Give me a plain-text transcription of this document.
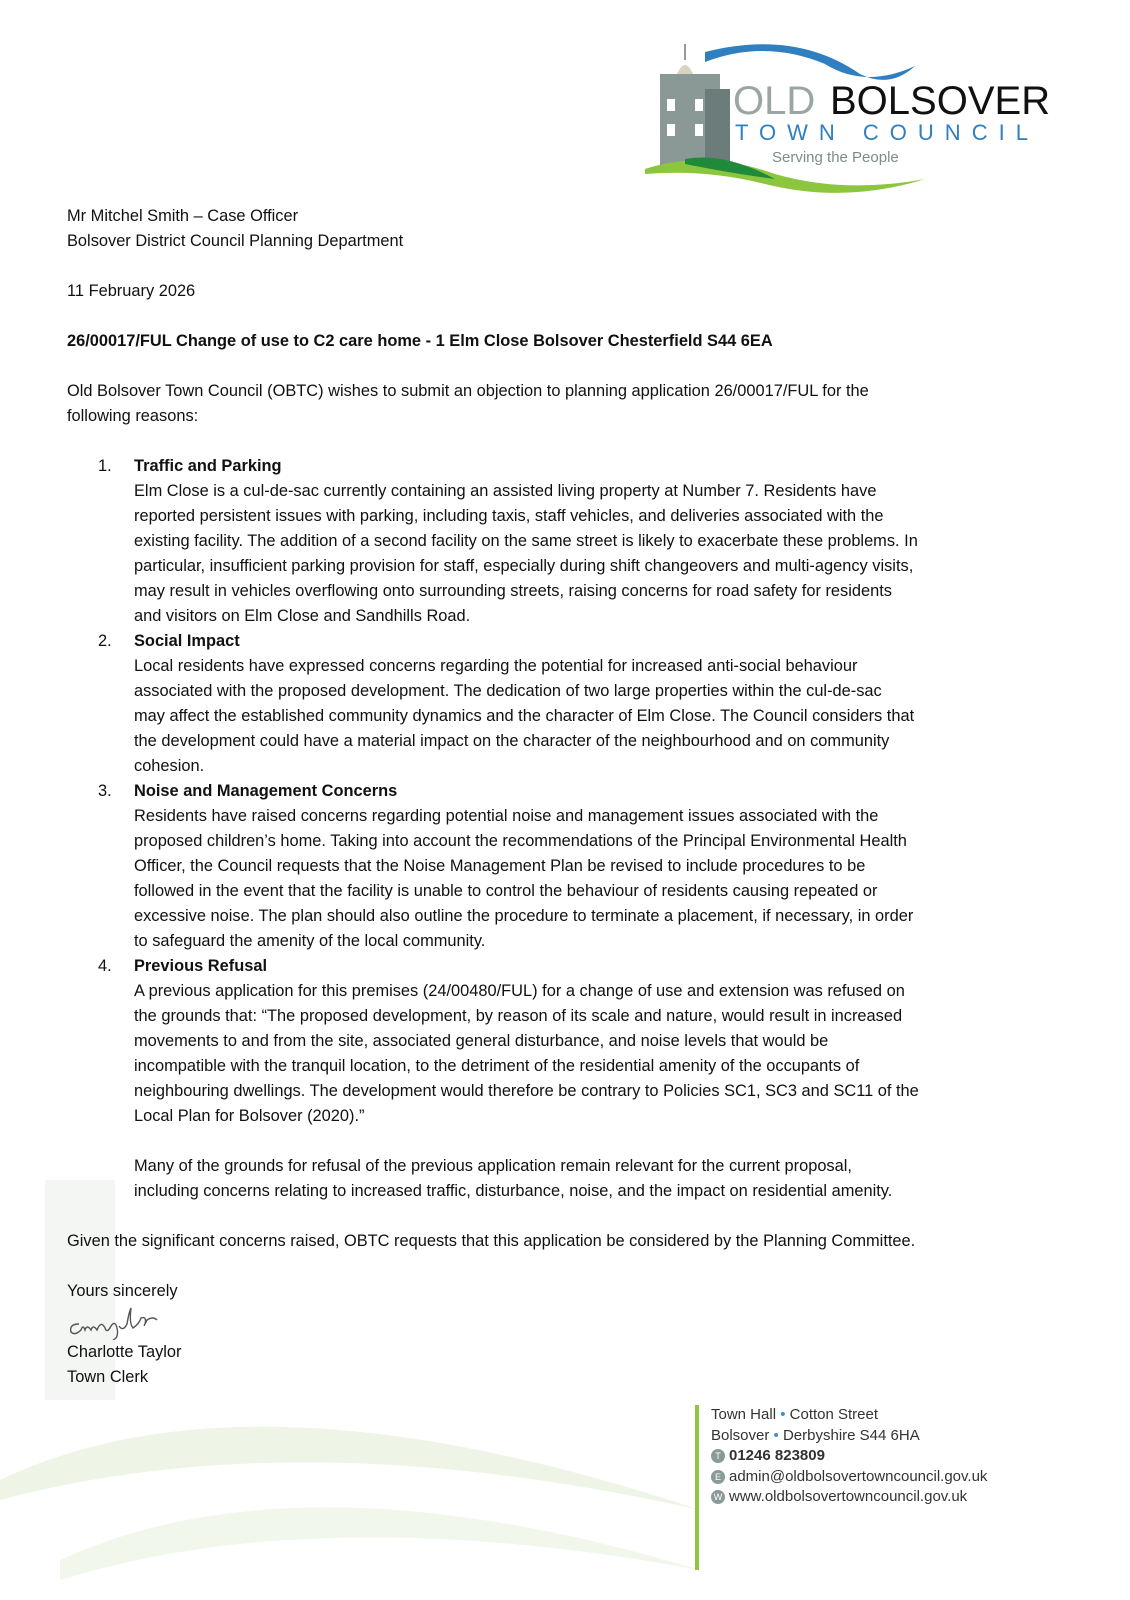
OLD BOLSOVER
TOWN COUNCIL
Serving the People
Mr Mitchel Smith – Case Officer
Bolsover District Council Planning Department
11 February 2026
26/00017/FUL Change of use to C2 care home - 1 Elm Close Bolsover Chesterfield S44 6EA
Old Bolsover Town Council (OBTC) wishes to submit an objection to planning application 26/00017/FUL for the
following reasons:
1. Traffic and Parking
Elm Close is a cul-de-sac currently containing an assisted living property at Number 7. Residents have
reported persistent issues with parking, including taxis, staff vehicles, and deliveries associated with the
existing facility. The addition of a second facility on the same street is likely to exacerbate these problems. In
particular, insufficient parking provision for staff, especially during shift changeovers and multi-agency visits,
may result in vehicles overflowing onto surrounding streets, raising concerns for road safety for residents
and visitors on Elm Close and Sandhills Road.
2. Social Impact
Local residents have expressed concerns regarding the potential for increased anti-social behaviour
associated with the proposed development. The dedication of two large properties within the cul-de-sac
may affect the established community dynamics and the character of Elm Close. The Council considers that
the development could have a material impact on the character of the neighbourhood and on community
cohesion.
3. Noise and Management Concerns
Residents have raised concerns regarding potential noise and management issues associated with the
proposed children’s home. Taking into account the recommendations of the Principal Environmental Health
Officer, the Council requests that the Noise Management Plan be revised to include procedures to be
followed in the event that the facility is unable to control the behaviour of residents causing repeated or
excessive noise. The plan should also outline the procedure to terminate a placement, if necessary, in order
to safeguard the amenity of the local community.
4. Previous Refusal
A previous application for this premises (24/00480/FUL) for a change of use and extension was refused on
the grounds that: “The proposed development, by reason of its scale and nature, would result in increased
movements to and from the site, associated general disturbance, and noise levels that would be
incompatible with the tranquil location, to the detriment of the residential amenity of the occupants of
neighbouring dwellings. The development would therefore be contrary to Policies SC1, SC3 and SC11 of the
Local Plan for Bolsover (2020).”
Many of the grounds for refusal of the previous application remain relevant for the current proposal,
including concerns relating to increased traffic, disturbance, noise, and the impact on residential amenity.
Given the significant concerns raised, OBTC requests that this application be considered by the Planning Committee.
Yours sincerely
Charlotte Taylor
Town Clerk
Town Hall • Cotton Street
Bolsover • Derbyshire S44 6HA
T 01246 823809
E admin@oldbolsovertowncouncil.gov.uk
W www.oldbolsovertowncouncil.gov.uk
